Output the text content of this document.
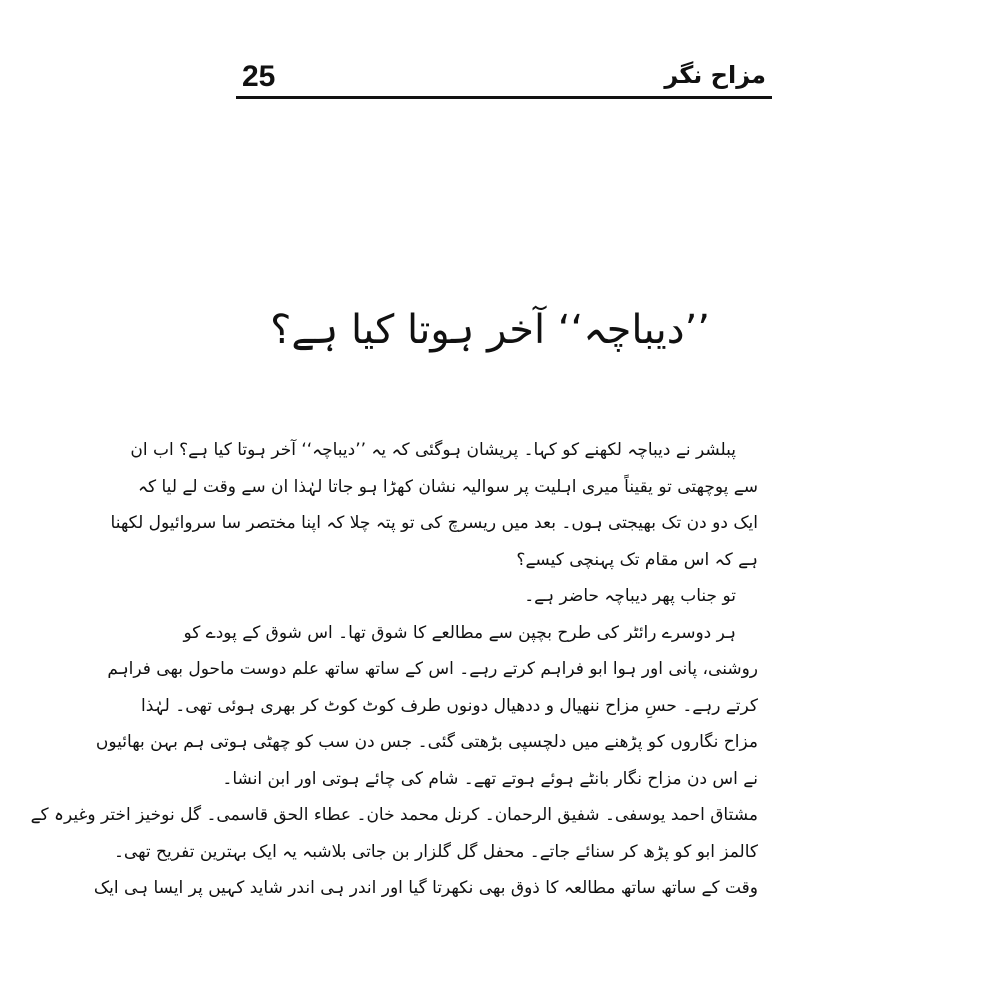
25	مزاح نگر
’’دیباچہ‘‘ آخر ہوتا کیا ہے؟
پبلشر نے دیباچہ لکھنے کو کہا۔ پریشان ہوگئی کہ یہ ’’دیباچہ‘‘ آخر ہوتا کیا ہے؟ اب ان
سے پوچھتی تو یقیناً میری اہلیت پر سوالیہ نشان کھڑا ہو جاتا لہٰذا ان سے وقت لے لیا کہ
ایک دو دن تک بھیجتی ہوں۔ بعد میں ریسرچ کی تو پتہ چلا کہ اپنا مختصر سا سروائیول لکھنا
ہے کہ اس مقام تک پہنچی کیسے؟
تو جناب پھر دیباچہ حاضر ہے۔
ہر دوسرے رائٹر کی طرح بچپن سے مطالعے کا شوق تھا۔ اس شوق کے پودے کو
روشنی، پانی اور ہوا ابو فراہم کرتے رہے۔ اس کے ساتھ ساتھ علم دوست ماحول بھی فراہم
کرتے رہے۔ حسِ مزاح ننھیال و ددھیال دونوں طرف کوٹ کوٹ کر بھری ہوئی تھی۔ لہٰذا
مزاح نگاروں کو پڑھنے میں دلچسپی بڑھتی گئی۔ جس دن سب کو چھٹی ہوتی ہم بہن بھائیوں
نے اس دن مزاح نگار بانٹے ہوئے ہوتے تھے۔ شام کی چائے ہوتی اور ابن انشا۔
مشتاق احمد یوسفی۔ شفیق الرحمان۔ کرنل محمد خان۔ عطاء الحق قاسمی۔ گل نوخیز اختر وغیرہ کے
کالمز ابو کو پڑھ کر سنائے جاتے۔ محفل گل گلزار بن جاتی بلاشبہ یہ ایک بہترین تفریح تھی۔
وقت کے ساتھ ساتھ مطالعہ کا ذوق بھی نکھرتا گیا اور اندر ہی اندر شاید کہیں پر ایسا ہی ایک
